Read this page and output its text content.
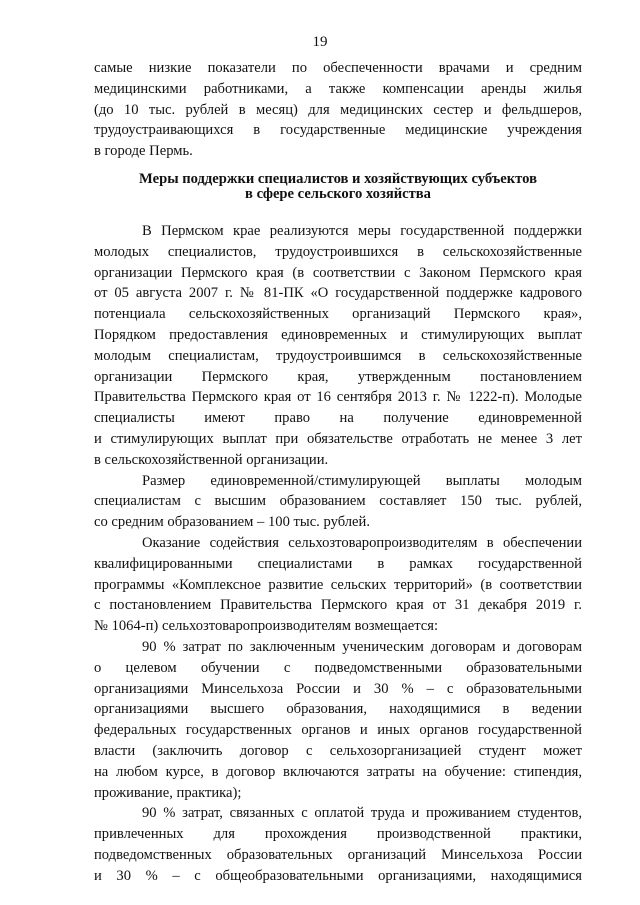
19
самые низкие показатели по обеспеченности врачами и средним
медицинскими работниками, а также компенсации аренды жилья
(до 10 тыс. рублей в месяц) для медицинских сестер и фельдшеров,
трудоустраивающихся в государственные медицинские учреждения
в городе Пермь.
Меры поддержки специалистов и хозяйствующих субъектов
в сфере сельского хозяйства
В Пермском крае реализуются меры государственной поддержки
молодых специалистов, трудоустроившихся в сельскохозяйственные
организации Пермского края (в соответствии с Законом Пермского края
от 05 августа 2007 г. № 81-ПК «О государственной поддержке кадрового
потенциала сельскохозяйственных организаций Пермского края»,
Порядком предоставления единовременных и стимулирующих выплат
молодым специалистам, трудоустроившимся в сельскохозяйственные
организации Пермского края, утвержденным постановлением
Правительства Пермского края от 16 сентября 2013 г. № 1222-п). Молодые
специалисты имеют право на получение единовременной
и стимулирующих выплат при обязательстве отработать не менее 3 лет
в сельскохозяйственной организации.
Размер единовременной/стимулирующей выплаты молодым
специалистам с высшим образованием составляет 150 тыс. рублей,
со средним образованием – 100 тыс. рублей.
Оказание содействия сельхозтоваропроизводителям в обеспечении
квалифицированными специалистами в рамках государственной
программы «Комплексное развитие сельских территорий» (в соответствии
с постановлением Правительства Пермского края от 31 декабря 2019 г.
№ 1064-п) сельхозтоваропроизводителям возмещается:
90 % затрат по заключенным ученическим договорам и договорам
о целевом обучении с подведомственными образовательными
организациями Минсельхоза России и 30 % – с образовательными
организациями высшего образования, находящимися в ведении
федеральных государственных органов и иных органов государственной
власти (заключить договор с сельхозорганизацией студент может
на любом курсе, в договор включаются затраты на обучение: стипендия,
проживание, практика);
90 % затрат, связанных с оплатой труда и проживанием студентов,
привлеченных для прохождения производственной практики,
подведомственных образовательных организаций Минсельхоза России
и 30 % – с общеобразовательными организациями, находящимися
